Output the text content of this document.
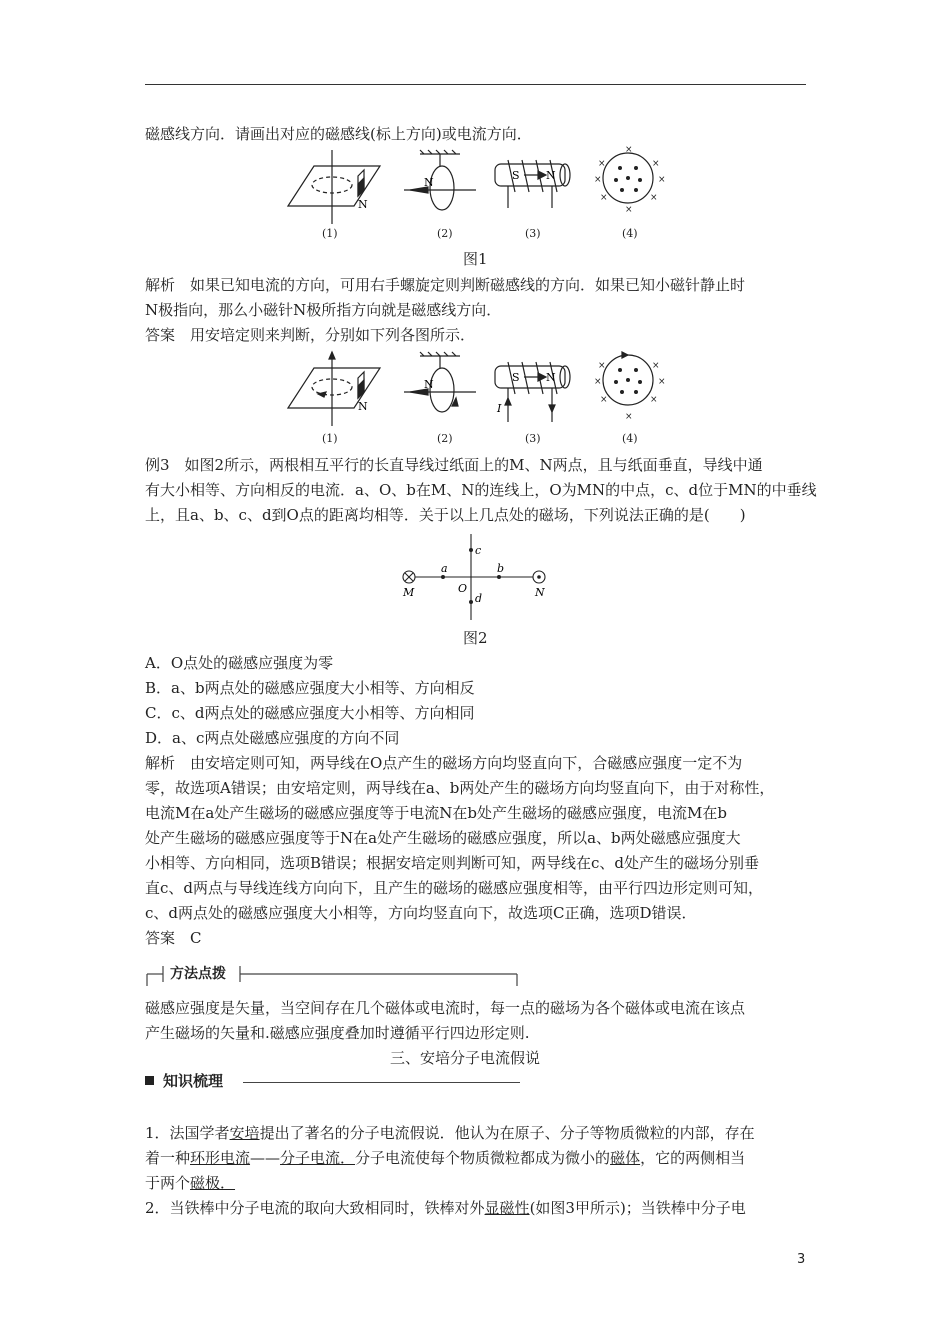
磁感线方向．请画出对应的磁感线(标上方向)或电流方向．
N
N
S N
×	×
×	×
×	×
×
×
(1)	(2)	(3)	(4)
图1
解析　如果已知电流的方向，可用右手螺旋定则判断磁感线的方向．如果已知小磁针静止时
N极指向，那么小磁针N极所指方向就是磁感线方向．
答案　用安培定则来判断，分别如下列各图所示．
N
N
S N
I
×	×
×	×
×	×
×
(1)	(2)	(3)	(4)
例3　如图2所示，两根相互平行的长直导线过纸面上的M、N两点，且与纸面垂直，导线中通
有大小相等、方向相反的电流．a、O、b在M、N的连线上，O为MN的中点，c、d位于MN的中垂线
上，且a、b、c、d到O点的距离均相等．关于以上几点处的磁场，下列说法正确的是(　　)
M	N
a	b
O
c
d
图2
A．O点处的磁感应强度为零
B．a、b两点处的磁感应强度大小相等、方向相反
C．c、d两点处的磁感应强度大小相等、方向相同
D．a、c两点处磁感应强度的方向不同
解析　由安培定则可知，两导线在O点产生的磁场方向均竖直向下，合磁感应强度一定不为
零，故选项A错误；由安培定则，两导线在a、b两处产生的磁场方向均竖直向下，由于对称性，
电流M在a处产生磁场的磁感应强度等于电流N在b处产生磁场的磁感应强度，电流M在b
处产生磁场的磁感应强度等于N在a处产生磁场的磁感应强度，所以a、b两处磁感应强度大
小相等、方向相同，选项B错误；根据安培定则判断可知，两导线在c、d处产生的磁场分别垂
直c、d两点与导线连线方向向下，且产生的磁场的磁感应强度相等，由平行四边形定则可知，
c、d两点处的磁感应强度大小相等，方向均竖直向下，故选项C正确，选项D错误．
答案　C
方法点拨
磁感应强度是矢量，当空间存在几个磁体或电流时，每一点的磁场为各个磁体或电流在该点
产生磁场的矢量和.磁感应强度叠加时遵循平行四边形定则.
三、安培分子电流假说
知识梳理
1．法国学者安培提出了著名的分子电流假说．他认为在原子、分子等物质微粒的内部，存在
着一种环形电流——分子电流．分子电流使每个物质微粒都成为微小的磁体，它的两侧相当
于两个磁极．
2．当铁棒中分子电流的取向大致相同时，铁棒对外显磁性(如图3甲所示)；当铁棒中分子电
3
